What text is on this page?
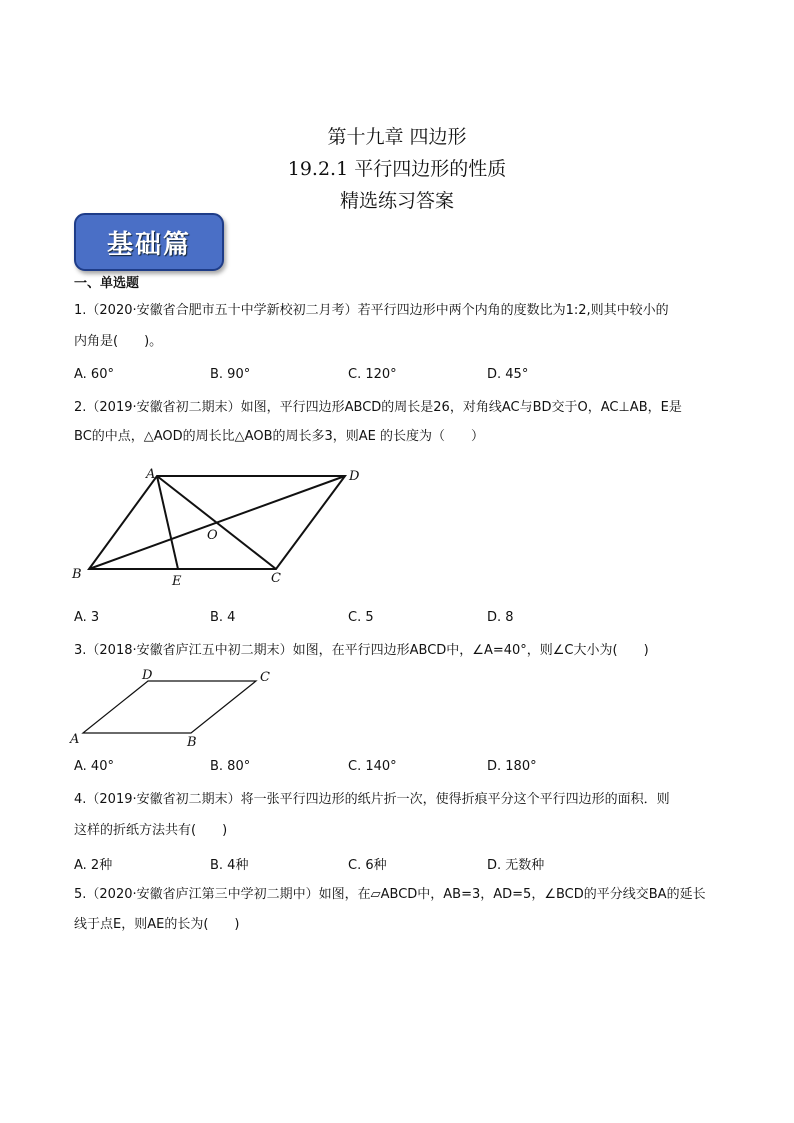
第十九章 四边形
19.2.1 平行四边形的性质
精选练习答案
基础篇
一、单选题
1.（2020·安徽省合肥市五十中学新校初二月考）若平行四边形中两个内角的度数比为1:2,则其中较小的
内角是(　　)。
A. 60°	B. 90°	C. 120°	D. 45°
2.（2019·安徽省初二期末）如图，平行四边形ABCD的周长是26，对角线AC与BD交于O，AC⊥AB，E是
BC的中点，△AOD的周长比△AOB的周长多3，则AE 的长度为（　　）
A	D
O
B	E	C
A. 3	B. 4	C. 5	D. 8
3.（2018·安徽省庐江五中初二期末）如图，在平行四边形ABCD中，∠A=40°，则∠C大小为(　　)
D	C
A	B
A. 40°	B. 80°	C. 140°	D. 180°
4.（2019·安徽省初二期末）将一张平行四边形的纸片折一次，使得折痕平分这个平行四边形的面积．则
这样的折纸方法共有(　　)
A. 2种	B. 4种	C. 6种	D. 无数种
5.（2020·安徽省庐江第三中学初二期中）如图，在▱ABCD中，AB=3，AD=5，∠BCD的平分线交BA的延长
线于点E，则AE的长为(　　)
